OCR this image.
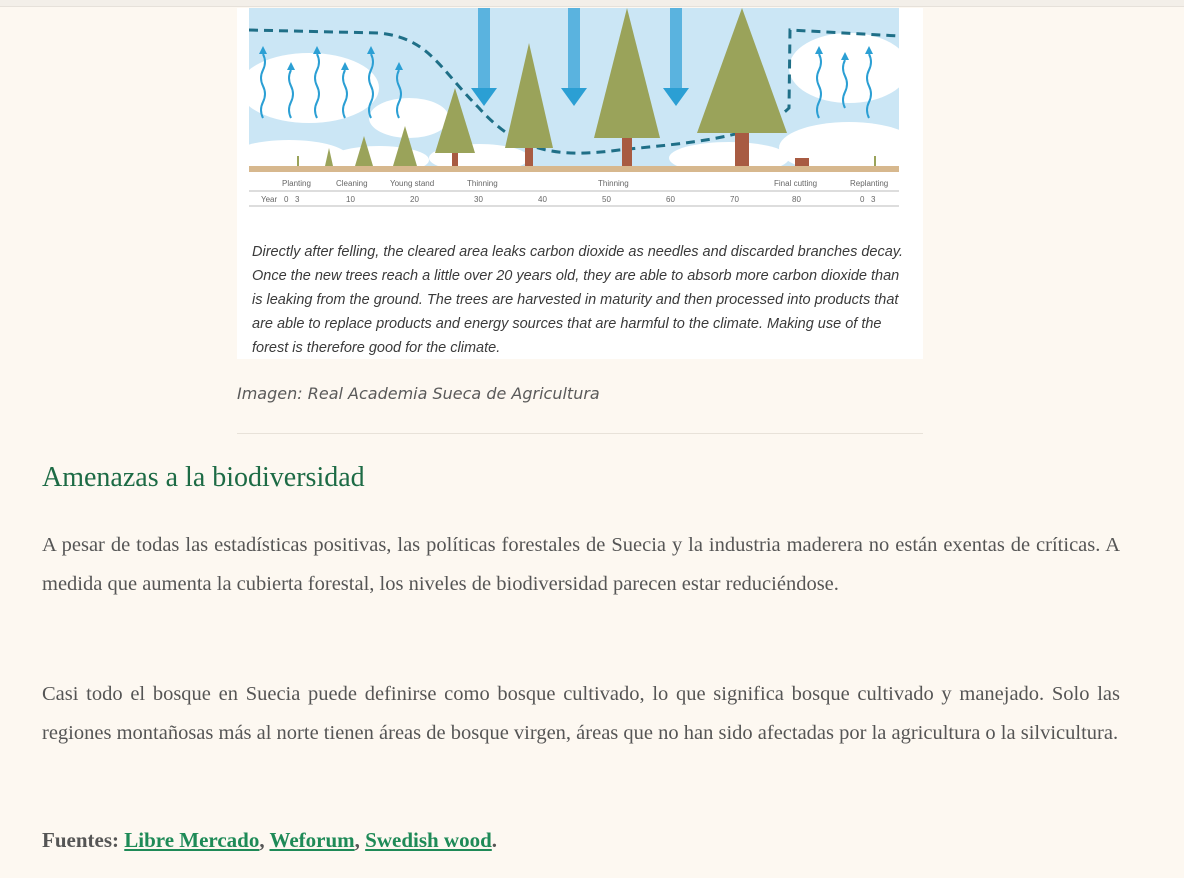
Planting	Cleaning	Young stand	Thinning	Thinning	Final cutting	Replanting
Year 0 3	10	20	30	40	50	60	70	80	0 3
Directly after felling, the cleared area leaks carbon dioxide as needles and discarded branches decay. Once the new trees reach a little over 20 years old, they are able to absorb more carbon dioxide than is leaking from the ground. The trees are harvested in maturity and then processed into products that are able to replace products and energy sources that are harmful to the climate. Making use of the forest is therefore good for the climate.
Imagen: Real Academia Sueca de Agricultura
Amenazas a la biodiversidad

A pesar de todas las estadísticas positivas, las políticas forestales de Suecia y la industria maderera no están exentas de críticas. A medida que aumenta la cubierta forestal, los niveles de biodiversidad parecen estar reduciéndose.

Casi todo el bosque en Suecia puede definirse como bosque cultivado, lo que significa bosque cultivado y manejado. Solo las regiones montañosas más al norte tienen áreas de bosque virgen, áreas que no han sido afectadas por la agricultura o la silvicultura.

Fuentes: Libre Mercado, Weforum, Swedish wood.
